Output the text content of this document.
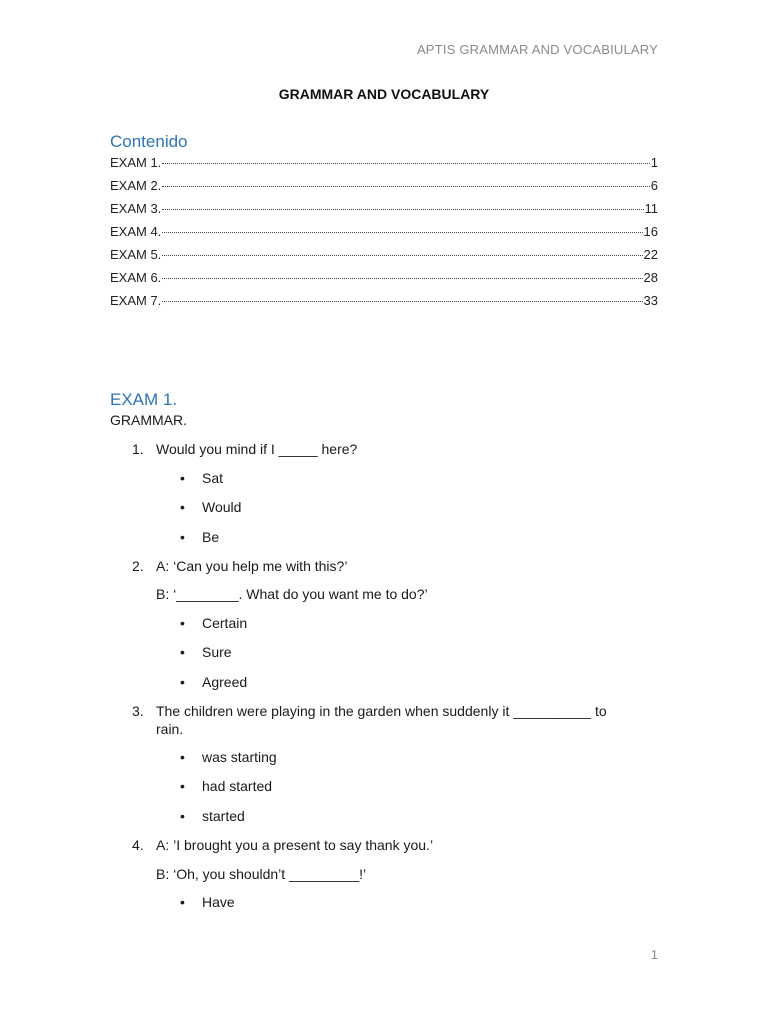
APTIS GRAMMAR AND VOCABIULARY
GRAMMAR AND VOCABULARY
Contenido
EXAM 1.	1
EXAM 2.	6
EXAM 3.	11
EXAM 4.	16
EXAM 5.	22
EXAM 6.	28
EXAM 7.	33
EXAM 1.
GRAMMAR.
1. Would you mind if I _____ here?
• Sat
• Would
• Be
2. A: ‘Can you help me with this?’
B: ‘________. What do you want me to do?’
• Certain
• Sure
• Agreed
3. The children were playing in the garden when suddenly it __________ to
rain.
• was starting
• had started
• started
4. A: ’I brought you a present to say thank you.’
B: ‘Oh, you shouldn’t _________!’
• Have
1
